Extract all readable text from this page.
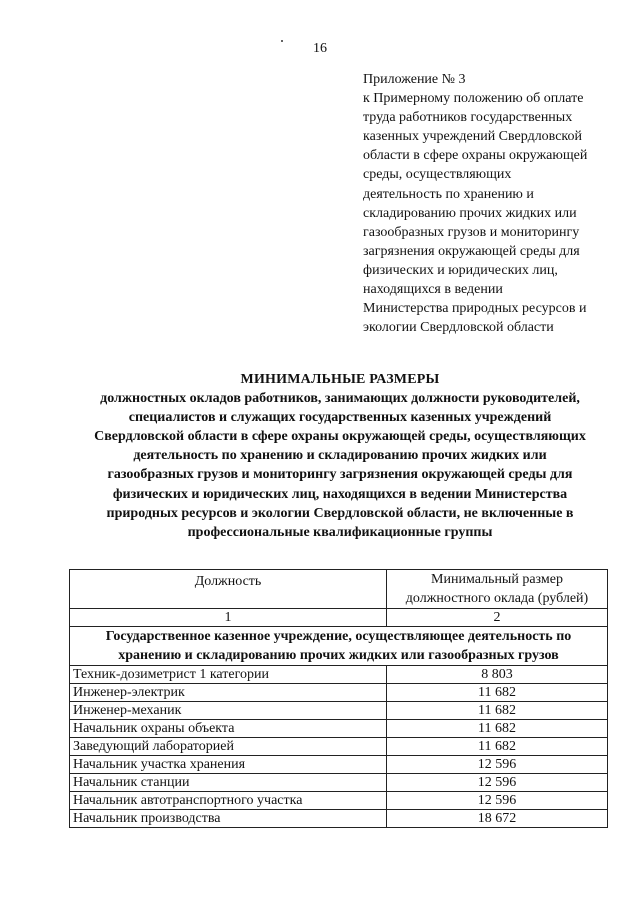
16
Приложение № 3
к Примерному положению об оплате
труда работников государственных
казенных учреждений Свердловской
области в сфере охраны окружающей
среды, осуществляющих
деятельность по хранению и
складированию прочих жидких или
газообразных грузов и мониторингу
загрязнения окружающей среды для
физических и юридических лиц,
находящихся в ведении
Министерства природных ресурсов и
экологии Свердловской области
МИНИМАЛЬНЫЕ РАЗМЕРЫ
должностных окладов работников, занимающих должности руководителей,
специалистов и служащих государственных казенных учреждений
Свердловской области в сфере охраны окружающей среды, осуществляющих
деятельность по хранению и складированию прочих жидких или
газообразных грузов и мониторингу загрязнения окружающей среды для
физических и юридических лиц, находящихся в ведении Министерства
природных ресурсов и экологии Свердловской области, не включенные в
профессиональные квалификационные группы
Должность	Минимальный размер
должностного оклада (рублей)

1	2

Государственное казенное учреждение, осуществляющее деятельность по
хранению и складированию прочих жидких или газообразных грузов	

Техник-дозиметрист 1 категории	8 803
Инженер-электрик	11 682
Инженер-механик	11 682
Начальник охраны объекта	11 682
Заведующий лабораторией	11 682
Начальник участка хранения	12 596
Начальник станции	12 596
Начальник автотранспортного участка	12 596
Начальник производства	18 672
